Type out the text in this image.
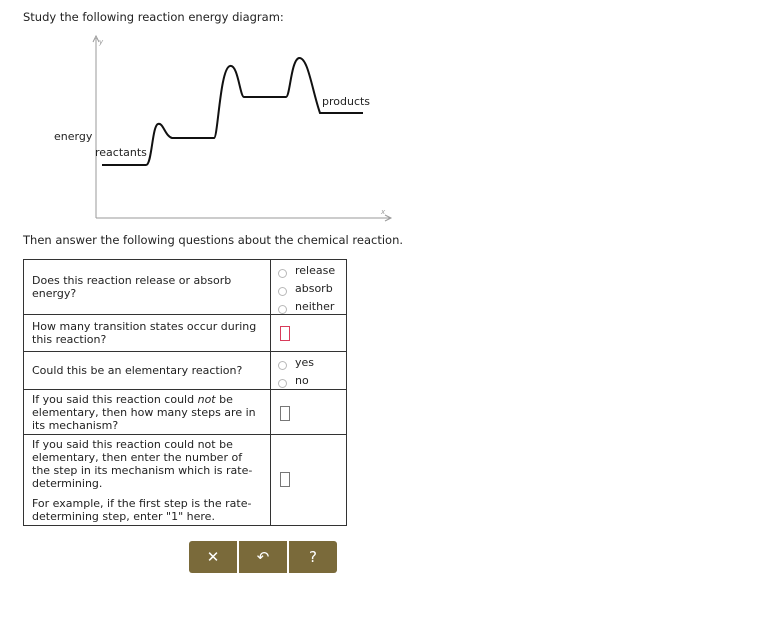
Study the following reaction energy diagram:
y
x
energy
reactants
products
Then answer the following questions about the chemical reaction.
Does this reaction release or absorb energy?	release
absorb
neither

How many transition states occur during this reaction?	

Could this be an elementary reaction?	yes
no

If you said this reaction could not be elementary, then how many steps are in its mechanism?	

If you said this reaction could not be elementary, then enter the number of the step in its mechanism which is rate-determining.
For example, if the first step is the rate-determining step, enter "1" here.	

✕ ↶	?
